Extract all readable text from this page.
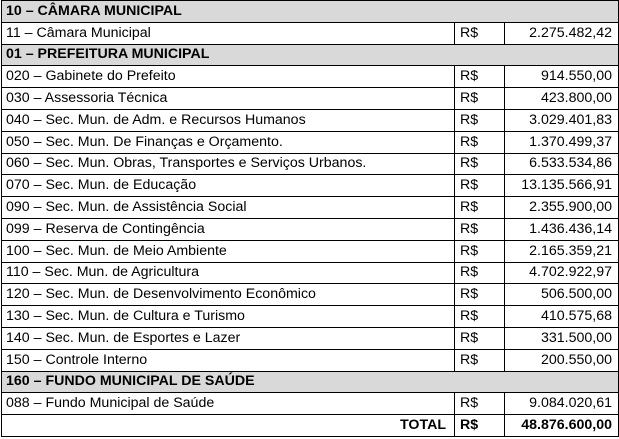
10 – CÂMARA MUNICIPAL		
11 – Câmara Municipal	R$	2.275.482,42
01 – PREFEITURA MUNICIPAL		
020 – Gabinete do Prefeito	R$	914.550,00
030 – Assessoria Técnica	R$	423.800,00
040 – Sec. Mun. de Adm. e Recursos Humanos	R$	3.029.401,83
050 – Sec. Mun. De Finanças e Orçamento.	R$	1.370.499,37
060 – Sec. Mun. Obras, Transportes e Serviços Urbanos.	R$	6.533.534,86
070 – Sec. Mun. de Educação	R$	13.135.566,91
090 – Sec. Mun. de Assistência Social	R$	2.355.900,00
099 – Reserva de Contingência	R$	1.436.436,14
100 – Sec. Mun. de Meio Ambiente	R$	2.165.359,21
110 – Sec. Mun. de Agricultura	R$	4.702.922,97
120 – Sec. Mun. de Desenvolvimento Econômico	R$	506.500,00
130 – Sec. Mun. de Cultura e Turismo	R$	410.575,68
140 – Sec. Mun. de Esportes e Lazer	R$	331.500,00
150 – Controle Interno	R$	200.550,00
160 – FUNDO MUNICIPAL DE SAÚDE		
088 – Fundo Municipal de Saúde	R$	9.084.020,61
TOTAL	R$	48.876.600,00
